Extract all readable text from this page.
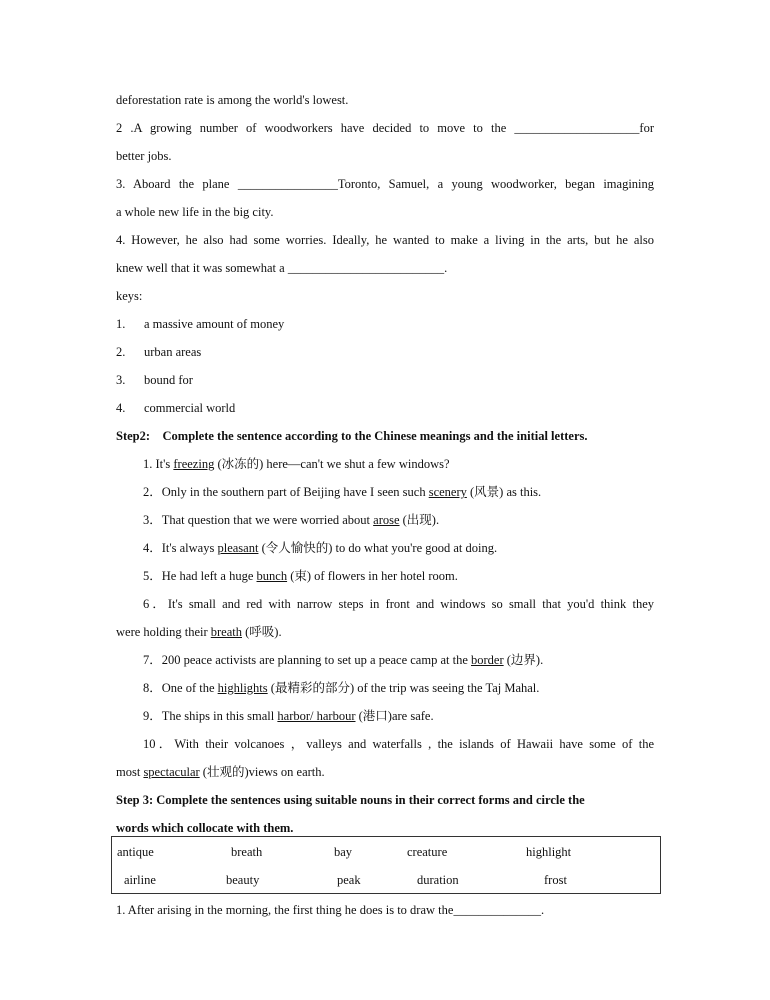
deforestation rate is among the world's lowest.
2 .A growing number of woodworkers have decided to move to the ____________________for
better jobs.
3. Aboard the plane ________________Toronto, Samuel, a young woodworker, began imagining
a whole new life in the big city.
4. However, he also had some worries. Ideally, he wanted to make a living in the arts, but he also
knew well that it was somewhat a _________________________.
keys:
1. a massive amount of money
2. urban areas
3. bound for
4. commercial world
Step2:    Complete the sentence according to the Chinese meanings and the initial letters.
1. It's freezing (冰冻的) here—can't we shut a few windows?
2．Only in the southern part of Beijing have I seen such scenery (风景) as this.
3．That question that we were worried about arose (出现).
4．It's always pleasant (令人愉快的) to do what you're good at doing.
5．He had left a huge bunch (束) of flowers in her hotel room.
6．It's small and red with narrow steps in front and windows so small that you'd think they
were holding their breath (呼吸).
7．200 peace activists are planning to set up a peace camp at the border (边界).
8．One of the highlights (最精彩的部分) of the trip was seeing the Taj Mahal.
9．The ships in this small harbor/ harbour (港口)are safe.
10．With their volcanoes ，valleys and waterfalls , the islands of Hawaii have some of the
most spectacular (壮观的)views on earth.
Step 3: Complete the sentences using suitable nouns in their correct forms and circle the
words which collocate with them.
antique	breath	bay	creature	highlight
airline	beauty	peak	duration	frost
1. After arising in the morning, the first thing he does is to draw the______________.
